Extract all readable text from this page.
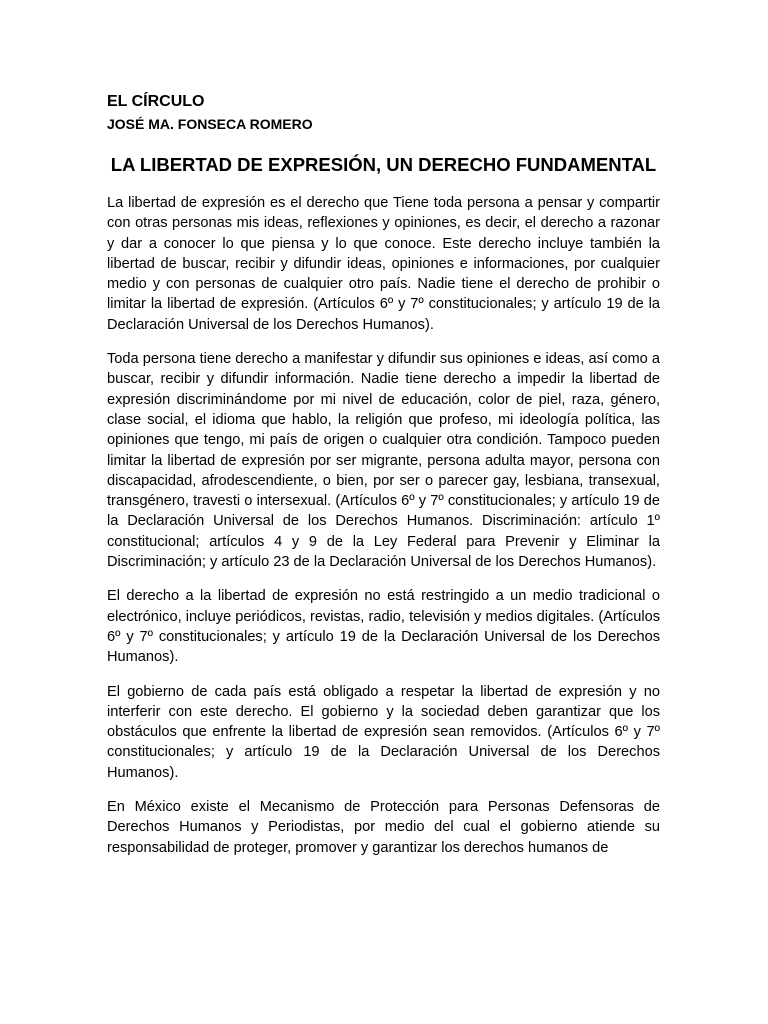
EL CÍRCULO
JOSÉ MA. FONSECA ROMERO
LA LIBERTAD DE EXPRESIÓN, UN DERECHO FUNDAMENTAL

La libertad de expresión es el derecho que Tiene toda persona a pensar y compartir con otras personas mis ideas, reflexiones y opiniones, es decir, el derecho a razonar y dar a conocer lo que piensa y lo que conoce. Este derecho incluye también la libertad de buscar, recibir y difundir ideas, opiniones e informaciones, por cualquier medio y con personas de cualquier otro país. Nadie tiene el derecho de prohibir o limitar la libertad de expresión. (Artículos 6º y 7º constitucionales; y artículo 19 de la Declaración Universal de los Derechos Humanos).

Toda persona tiene derecho a manifestar y difundir sus opiniones e ideas, así como a buscar, recibir y difundir información. Nadie tiene derecho a impedir la libertad de expresión discriminándome por mi nivel de educación, color de piel, raza, género, clase social, el idioma que hablo, la religión que profeso, mi ideología política, las opiniones que tengo, mi país de origen o cualquier otra condición. Tampoco pueden limitar la libertad de expresión por ser migrante, persona adulta mayor, persona con discapacidad, afrodescendiente, o bien, por ser o parecer gay, lesbiana, transexual, transgénero, travesti o intersexual. (Artículos 6º y 7º constitucionales; y artículo 19 de la Declaración Universal de los Derechos Humanos. Discriminación: artículo 1º constitucional; artículos 4 y 9 de la Ley Federal para Prevenir y Eliminar la Discriminación; y artículo 23 de la Declaración Universal de los Derechos Humanos).

El derecho a la libertad de expresión no está restringido a un medio tradicional o electrónico, incluye periódicos, revistas, radio, televisión y medios digitales. (Artículos 6º y 7º constitucionales; y artículo 19 de la Declaración Universal de los Derechos Humanos).

El gobierno de cada país está obligado a respetar la libertad de expresión y no interferir con este derecho. El gobierno y la sociedad deben garantizar que los obstáculos que enfrente la libertad de expresión sean removidos. (Artículos 6º y 7º constitucionales; y artículo 19 de la Declaración Universal de los Derechos Humanos).

En México existe el Mecanismo de Protección para Personas Defensoras de Derechos Humanos y Periodistas, por medio del cual el gobierno atiende su responsabilidad de proteger, promover y garantizar los derechos humanos de
